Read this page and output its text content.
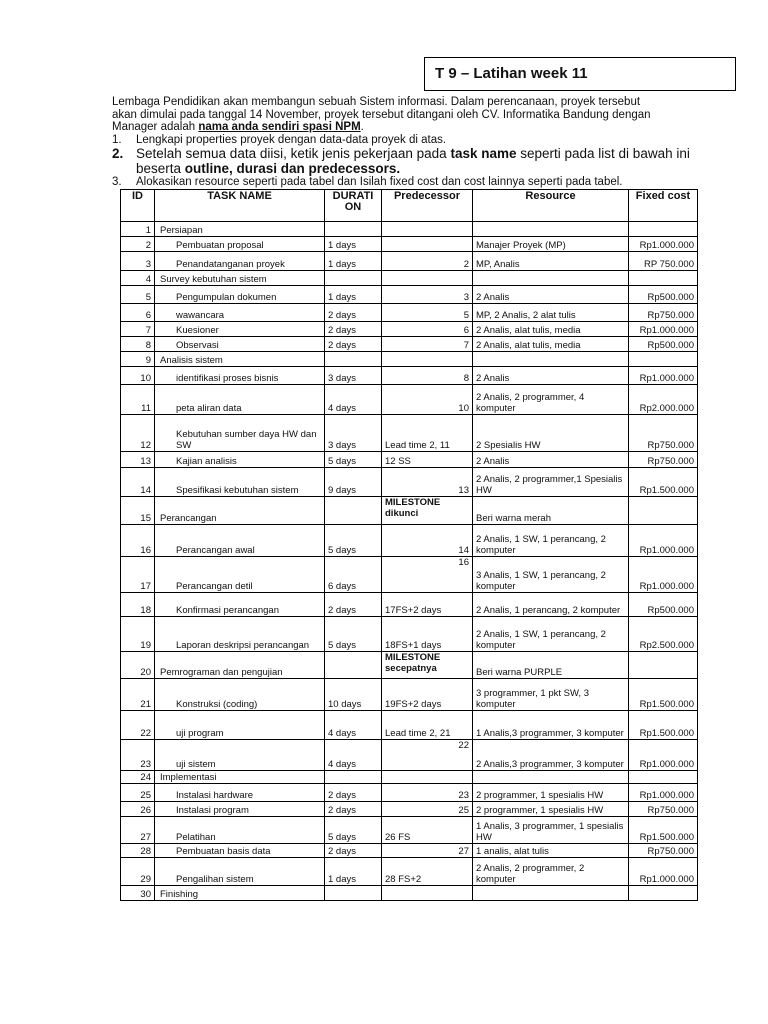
T 9 – Latihan week 11
Lembaga Pendidikan akan membangun sebuah Sistem informasi. Dalam perencanaan, proyek tersebut
akan dimulai pada tanggal 14 November, proyek tersebut ditangani oleh CV. Informatika Bandung dengan
Manager adalah nama anda sendiri spasi NPM.
1. Lengkapi properties proyek dengan data-data proyek di atas.
2. Setelah semua data diisi, ketik jenis pekerjaan pada task name seperti pada list di bawah ini
beserta outline, durasi dan predecessors.
3. Alokasikan resource seperti pada tabel dan Isilah fixed cost dan cost lainnya seperti pada tabel.
ID	TASK NAME	DURATI ON	Predecessor	Resource	Fixed cost
1	Persiapan				

2	Pembuatan proposal	1 days		Manajer Proyek (MP)	Rp1.000.000
3	Penandatanganan proyek	1 days	2	MP, Analis	RP 750.000
4	Survey kebutuhan sistem				

5	Pengumpulan dokumen	1 days	3	2 Analis	Rp500.000
6	wawancara	2 days	5	MP, 2 Analis, 2 alat tulis	Rp750.000
7	Kuesioner	2 days	6	2 Analis, alat tulis, media	Rp1.000.000
8	Observasi	2 days	7	2 Analis, alat tulis, media	Rp500.000
9	Analisis sistem				

10	identifikasi proses bisnis	3 days	8	2 Analis	Rp1.000.000
11	peta aliran data	4 days	10	2 Analis, 2 programmer, 4 komputer	Rp2.000.000
12	Kebutuhan sumber daya HW dan SW	3 days	Lead time 2, 11	2 Spesialis HW	Rp750.000
13	Kajian analisis	5 days	12 SS	2 Analis	Rp750.000
14	Spesifikasi kebutuhan sistem	9 days	13	2 Analis, 2 programmer,1 Spesialis HW	Rp1.500.000
15	Perancangan		MILESTONE dikunci	Beri warna merah	
16	Perancangan awal	5 days	14	2 Analis, 1 SW, 1 perancang, 2 komputer	Rp1.000.000
17	Perancangan detil	6 days	16	3 Analis, 1 SW, 1 perancang, 2 komputer	Rp1.000.000
18	Konfirmasi perancangan	2 days	17FS+2 days	2 Analis, 1 perancang, 2 komputer	Rp500.000
19	Laporan deskripsi perancangan	5 days	18FS+1 days	2 Analis, 1 SW, 1 perancang, 2 komputer	Rp2.500.000
20	Pemrograman dan pengujian		MILESTONE secepatnya	Beri warna PURPLE	
21	Konstruksi (coding)	10 days	19FS+2 days	3 programmer, 1 pkt SW, 3 komputer	Rp1.500.000
22	uji program	4 days	Lead time 2, 21	1 Analis,3 programmer, 3 komputer	Rp1.500.000
23	uji sistem	4 days	22	2 Analis,3 programmer, 3 komputer	Rp1.000.000
24	Implementasi				

25	Instalasi hardware	2 days	23	2 programmer, 1 spesialis HW	Rp1.000.000
26	Instalasi program	2 days	25	2 programmer, 1 spesialis HW	Rp750.000
27	Pelatihan	5 days	26 FS	1 Analis, 3 programmer, 1 spesialis HW	Rp1.500.000
28	Pembuatan basis data	2 days	27	1 analis, alat tulis	Rp750.000
29	Pengalihan sistem	1 days	28 FS+2	2 Analis, 2 programmer, 2 komputer	Rp1.000.000
30	Finishing				
